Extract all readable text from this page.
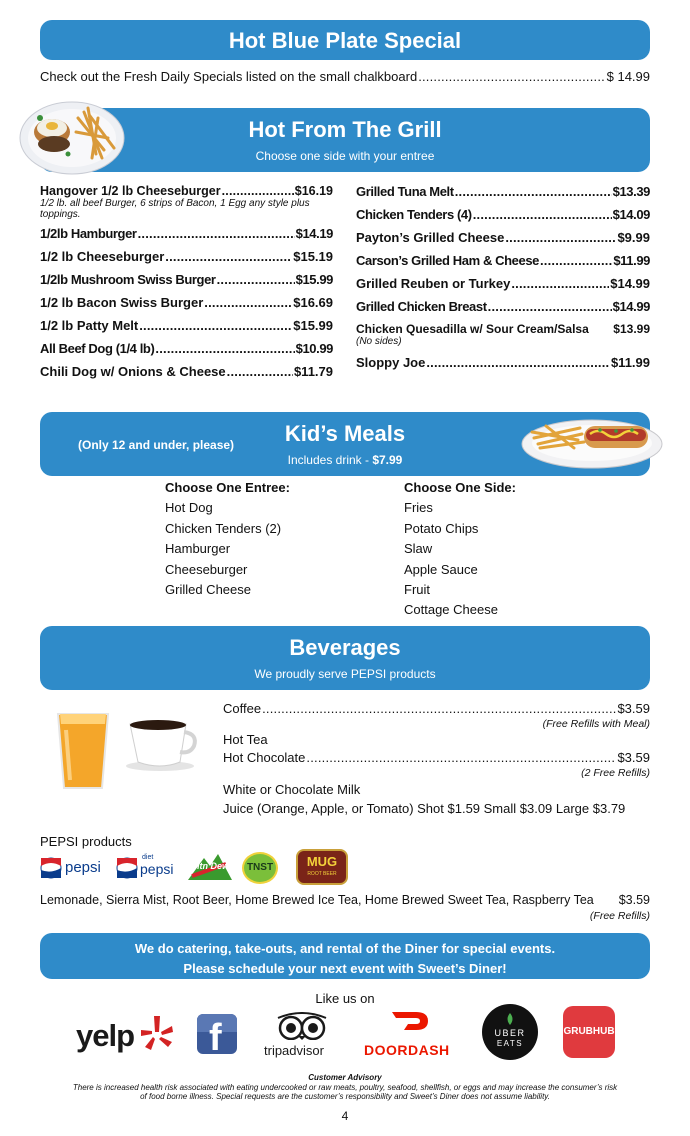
Hot Blue Plate Special
Check out the Fresh Daily Specials listed on the small chalkboard .....	$ 14.99
Hot From The Grill
Choose one side with your entree
Hangover 1/2 lb Cheeseburger .....	$16.19
1/2 lb. all beef Burger, 6 strips of Bacon, 1 Egg any style plus toppings.
1/2lb Hamburger .....	$14.19
1/2 lb Cheeseburger .....	$15.19
1/2lb Mushroom Swiss Burger .....	$15.99
1/2 lb Bacon Swiss Burger .....	$16.69
1/2 lb Patty Melt .....	$15.99
All Beef Dog (1/4 lb) .....	$10.99
Chili Dog w/ Onions & Cheese .....	$11.79
Grilled Tuna Melt .....	$13.39
Chicken Tenders (4) .....	$14.09
Payton’s Grilled Cheese .....	$9.99
Carson’s Grilled Ham & Cheese .....	$11.99
Grilled Reuben or Turkey .....	$14.99
Grilled Chicken Breast .....	$14.99
Chicken Quesadilla w/ Sour Cream/Salsa $13.99
(No sides)
Sloppy Joe .....	$11.99
Kid’s Meals
Includes drink - $7.99
(Only 12 and under, please)
Choose One Entree:
Hot Dog
Chicken Tenders (2)
Hamburger
Cheeseburger
Grilled Cheese
Choose One Side:
Fries
Potato Chips
Slaw
Apple Sauce
Fruit
Cottage Cheese
Beverages
We proudly serve PEPSI products
Coffee .....	$3.59
(Free Refills with Meal)
Hot Tea
Hot Chocolate .....	$3.59
(2 Free Refills)
White or Chocolate Milk
Juice (Orange, Apple, or Tomato) Shot $1.59 Small $3.09 Large $3.79
PEPSI products
pepsi
diet
pepsi Mtn Dew	TNST	MUG
ROOT BEER
Lemonade, Sierra Mist, Root Beer, Home Brewed Ice Tea, Home Brewed Sweet Tea, Raspberry Tea $3.59
(Free Refills)
We do catering, take-outs, and rental of the Diner for special events.
Please schedule your next event with Sweet’s Diner!
Like us on
yelp f	tripadvisor	DOORDASH
UBER
EATS
GRUBHUB
Customer Advisory
There is increased health risk associated with eating undercooked or raw meats, poultry, seafood, shellfish, or eggs and may increase the consumer’s risk of food borne illness. Special requests are the customer’s responsibility and Sweet’s Diner does not assume liability.
4
